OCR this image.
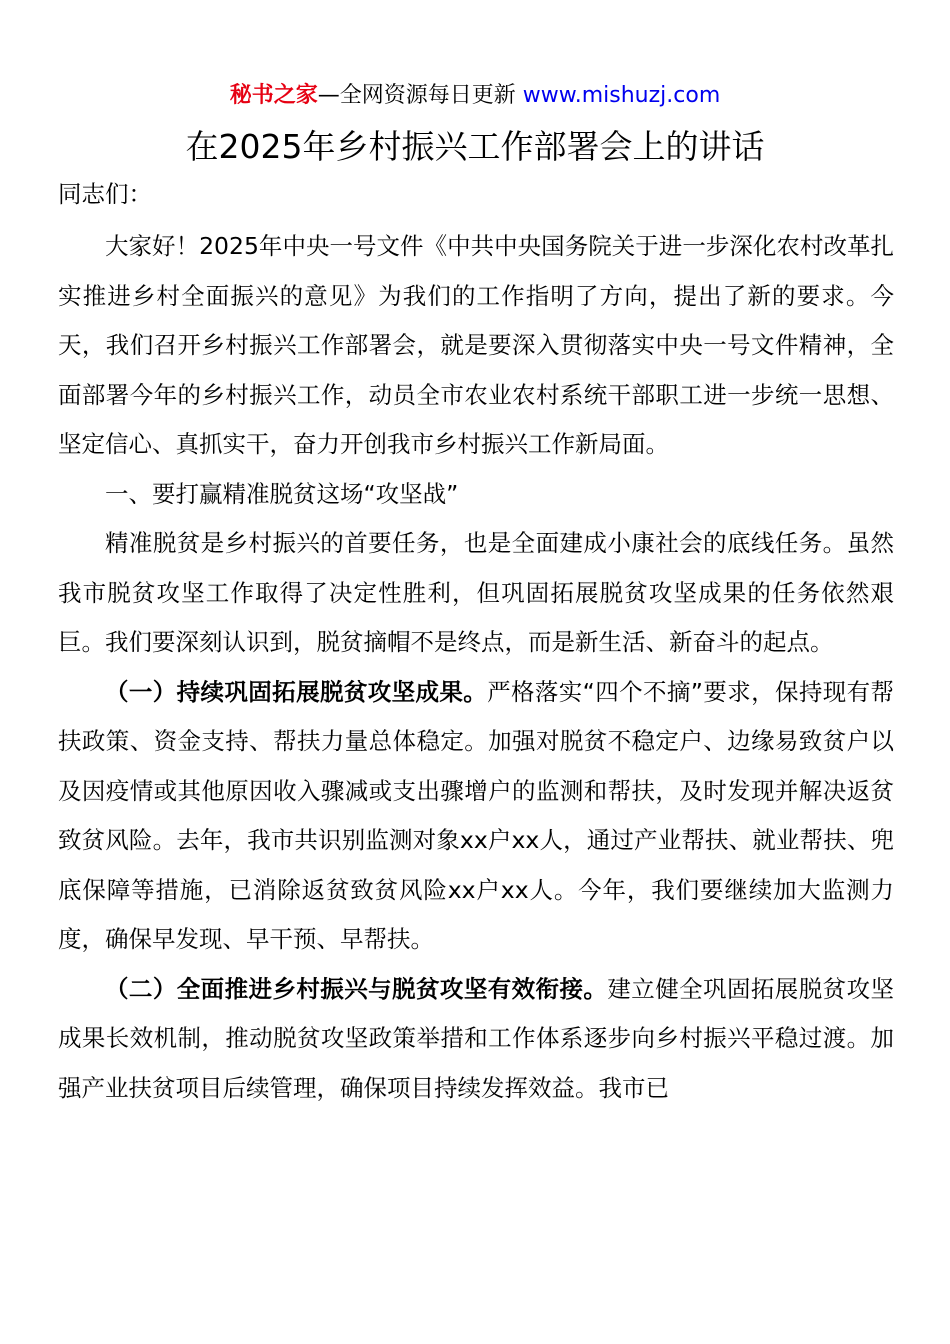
秘书之家—全网资源每日更新 www.mishuzj.com
在2025年乡村振兴工作部署会上的讲话
同志们：

大家好！2025年中央一号文件《中共中央国务院关于进一步深化农村改革扎实推进乡村全面振兴的意见》为我们的工作指明了方向，提出了新的要求。今天，我们召开乡村振兴工作部署会，就是要深入贯彻落实中央一号文件精神，全面部署今年的乡村振兴工作，动员全市农业农村系统干部职工进一步统一思想、坚定信心、真抓实干，奋力开创我市乡村振兴工作新局面。

一、要打赢精准脱贫这场“攻坚战”

精准脱贫是乡村振兴的首要任务，也是全面建成小康社会的底线任务。虽然我市脱贫攻坚工作取得了决定性胜利，但巩固拓展脱贫攻坚成果的任务依然艰巨。我们要深刻认识到，脱贫摘帽不是终点，而是新生活、新奋斗的起点。

（一）持续巩固拓展脱贫攻坚成果。严格落实“四个不摘”要求，保持现有帮扶政策、资金支持、帮扶力量总体稳定。加强对脱贫不稳定户、边缘易致贫户以及因疫情或其他原因收入骤减或支出骤增户的监测和帮扶，及时发现并解决返贫致贫风险。去年，我市共识别监测对象xx户xx人，通过产业帮扶、就业帮扶、兜底保障等措施，已消除返贫致贫风险xx户xx人。今年，我们要继续加大监测力度，确保早发现、早干预、早帮扶。

（二）全面推进乡村振兴与脱贫攻坚有效衔接。建立健全巩固拓展脱贫攻坚成果长效机制，推动脱贫攻坚政策举措和工作体系逐步向乡村振兴平稳过渡。加强产业扶贫项目后续管理，确保项目持续发挥效益。我市已
